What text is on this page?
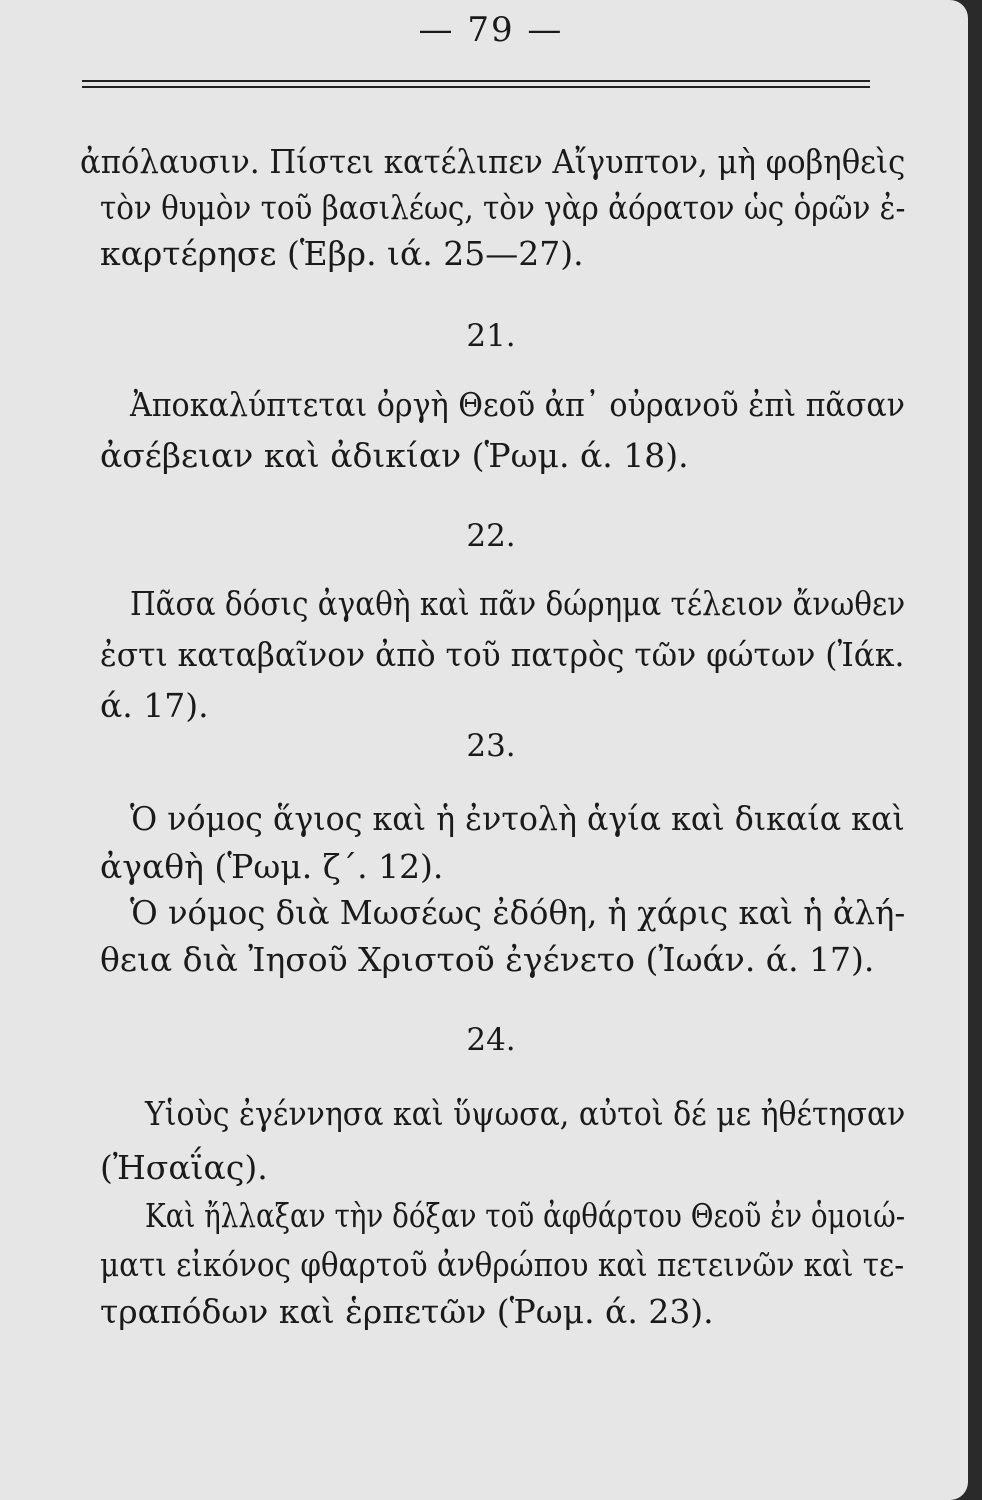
— 79 —
ἀπόλαυσιν. Πίστει κατέλιπεν Αἴγυπτον, μὴ φοβηθεὶς
τὸν θυμὸν τοῦ βασιλέως, τὸν γὰρ ἀόρατον ὡς ὁρῶν ἐ-
καρτέρησε (Ἑβρ. ιά. 25—27).
21.
Ἀποκαλύπτεται ὀργὴ Θεοῦ ἀπ᾽ οὐρανοῦ ἐπὶ πᾶσαν
ἀσέβειαν καὶ ἀδικίαν (Ῥωμ. ά. 18).
22.
Πᾶσα δόσις ἀγαθὴ καὶ πᾶν δώρημα τέλειον ἄνωθεν
ἐστι καταβαῖνον ἀπὸ τοῦ πατρὸς τῶν φώτων (Ἰάκ.
ά. 17).
23.
Ὁ νόμος ἅγιος καὶ ἡ ἐντολὴ ἁγία καὶ δικαία καὶ
ἀγαθὴ (Ῥωμ. ζ΄. 12).
Ὁ νόμος διὰ Μωσέως ἐδόθη, ἡ χάρις καὶ ἡ ἀλή-
θεια διὰ Ἰησοῦ Χριστοῦ ἐγένετο (Ἰωάν. ά. 17).
24.
Υἱοὺς ἐγέννησα καὶ ὕψωσα, αὐτοὶ δέ με ἠθέτησαν
(Ἠσαΐας).
Καὶ ἤλλαξαν τὴν δόξαν τοῦ ἀφθάρτου Θεοῦ ἐν ὁμοιώ-
ματι εἰκόνος φθαρτοῦ ἀνθρώπου καὶ πετεινῶν καὶ τε-
τραπόδων καὶ ἑρπετῶν (Ῥωμ. ά. 23).
